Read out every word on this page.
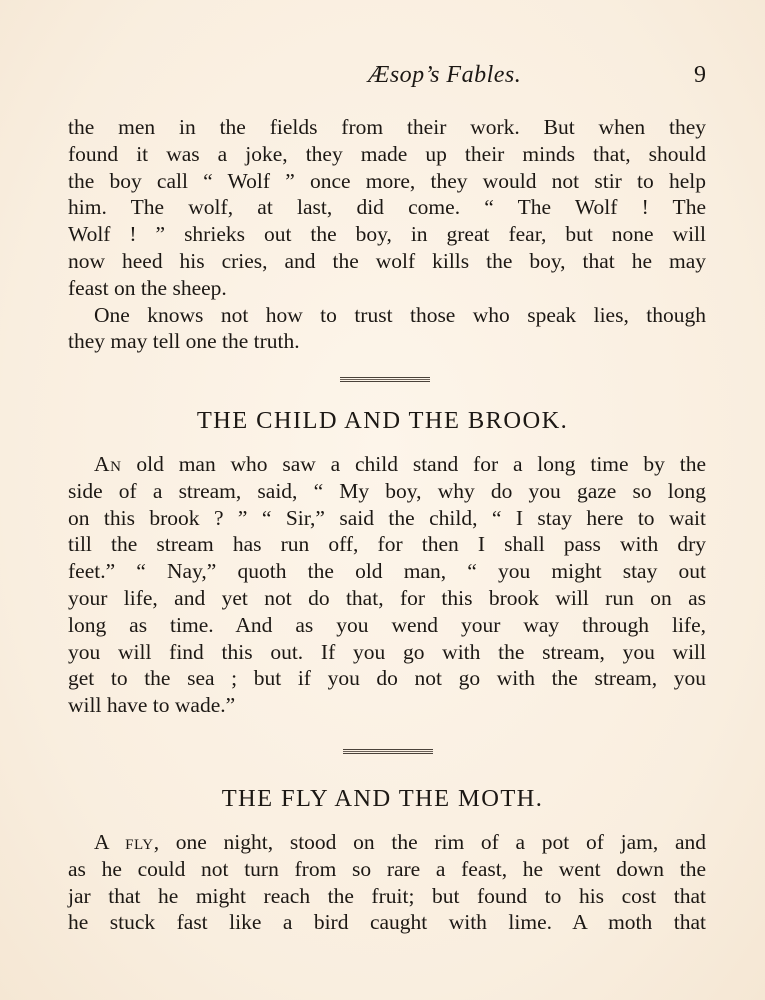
Æsop’s Fables.	9
the men in the fields from their work. But when they
found it was a joke, they made up their minds that, should
the boy call “ Wolf ” once more, they would not stir to help
him. The wolf, at last, did come. “ The Wolf ! The
Wolf ! ” shrieks out the boy, in great fear, but none will
now heed his cries, and the wolf kills the boy, that he may
feast on the sheep.
One knows not how to trust those who speak lies, though
they may tell one the truth.
THE CHILD AND THE BROOK.
An old man who saw a child stand for a long time by the
side of a stream, said, “ My boy, why do you gaze so long
on this brook ? ” “ Sir,” said the child, “ I stay here to wait
till the stream has run off, for then I shall pass with dry
feet.” “ Nay,” quoth the old man, “ you might stay out
your life, and yet not do that, for this brook will run on as
long as time. And as you wend your way through life,
you will find this out. If you go with the stream, you will
get to the sea ; but if you do not go with the stream, you
will have to wade.”
THE FLY AND THE MOTH.
A fly, one night, stood on the rim of a pot of jam, and
as he could not turn from so rare a feast, he went down the
jar that he might reach the fruit; but found to his cost that
he stuck fast like a bird caught with lime. A moth that
